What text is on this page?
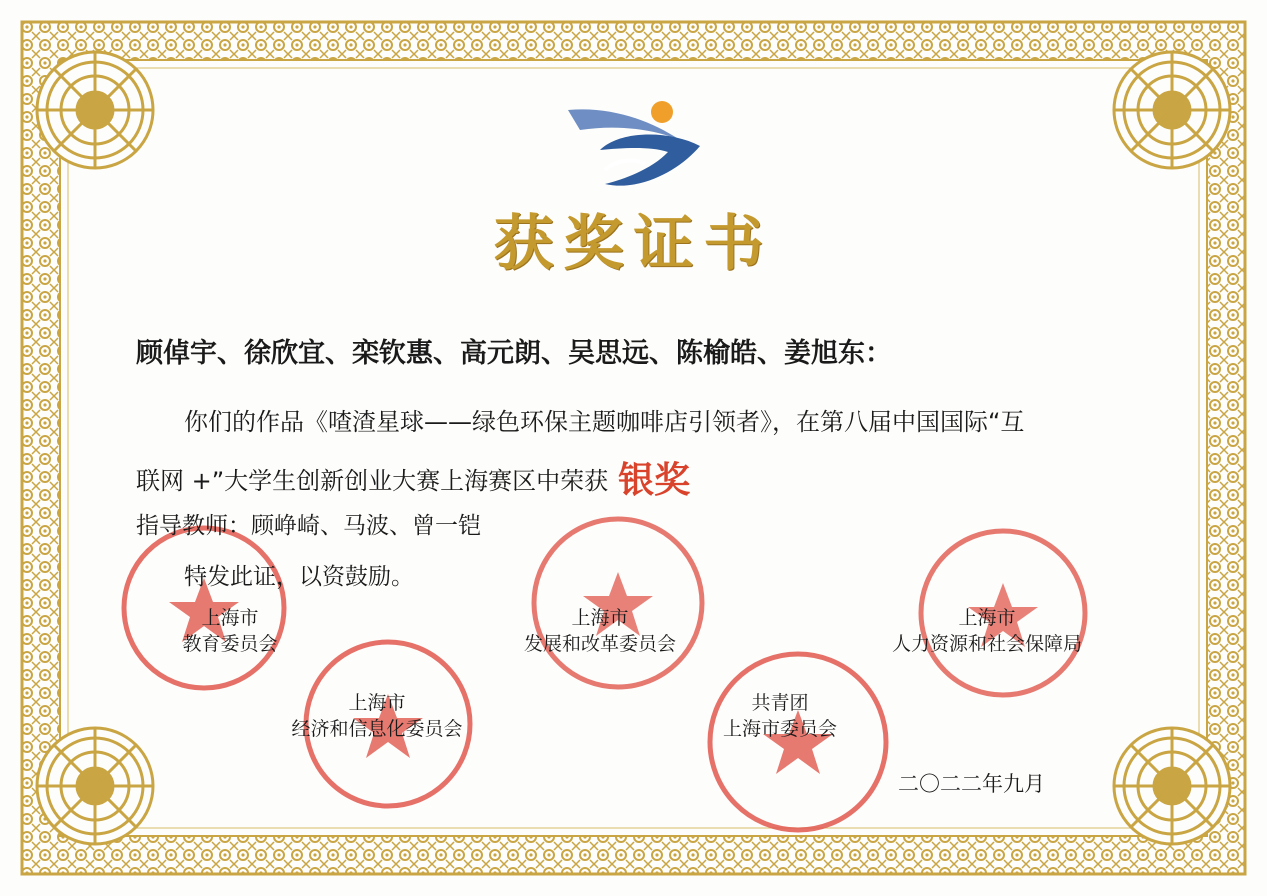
获奖证书
顾倬宇、徐欣宜、栾钦惠、高元朗、吴思远、陈榆皓、姜旭东：
你们的作品《喳渣星球——绿色环保主题咖啡店引领者》，在第八届中国国际“互
联网 +”大学生创新创业大赛上海赛区中荣获 银奖
指导教师：顾峥崎、马波、曾一铠
特发此证，以资鼓励。
上海市
教育委员会
上海市
发展和改革委员会
上海市
人力资源和社会保障局
上海市
经济和信息化委员会
共青团
上海市委员会
二〇二二年九月
